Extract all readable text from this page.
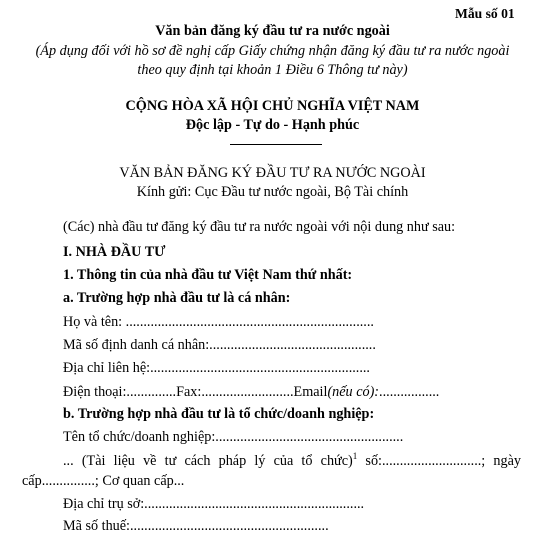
Mẫu số 01
Văn bản đăng ký đầu tư ra nước ngoài
(Áp dụng đối với hồ sơ đề nghị cấp Giấy chứng nhận đăng ký đầu tư ra nước ngoài
theo quy định tại khoản 1 Điều 6 Thông tư này)
CỘNG HÒA XÃ HỘI CHỦ NGHĨA VIỆT NAM
Độc lập - Tự do - Hạnh phúc
VĂN BẢN ĐĂNG KÝ ĐẦU TƯ RA NƯỚC NGOÀI
Kính gửi: Cục Đầu tư nước ngoài, Bộ Tài chính
(Các) nhà đầu tư đăng ký đầu tư ra nước ngoài với nội dung như sau:
I. NHÀ ĐẦU TƯ
1. Thông tin của nhà đầu tư Việt Nam thứ nhất:
a. Trường hợp nhà đầu tư là cá nhân:
Họ và tên: ......................................................................
Mã số định danh cá nhân:...............................................
Địa chỉ liên hệ:..............................................................
Điện thoại:..............Fax:..........................Email(nếu có):.................
b. Trường hợp nhà đầu tư là tổ chức/doanh nghiệp:
Tên tổ chức/doanh nghiệp:.....................................................
... (Tài liệu về tư cách pháp lý của tổ chức)$^1$ số:............................; ngày
cấp...............; Cơ quan cấp...
Địa chỉ trụ sở:..............................................................
Mã số thuế:........................................................
